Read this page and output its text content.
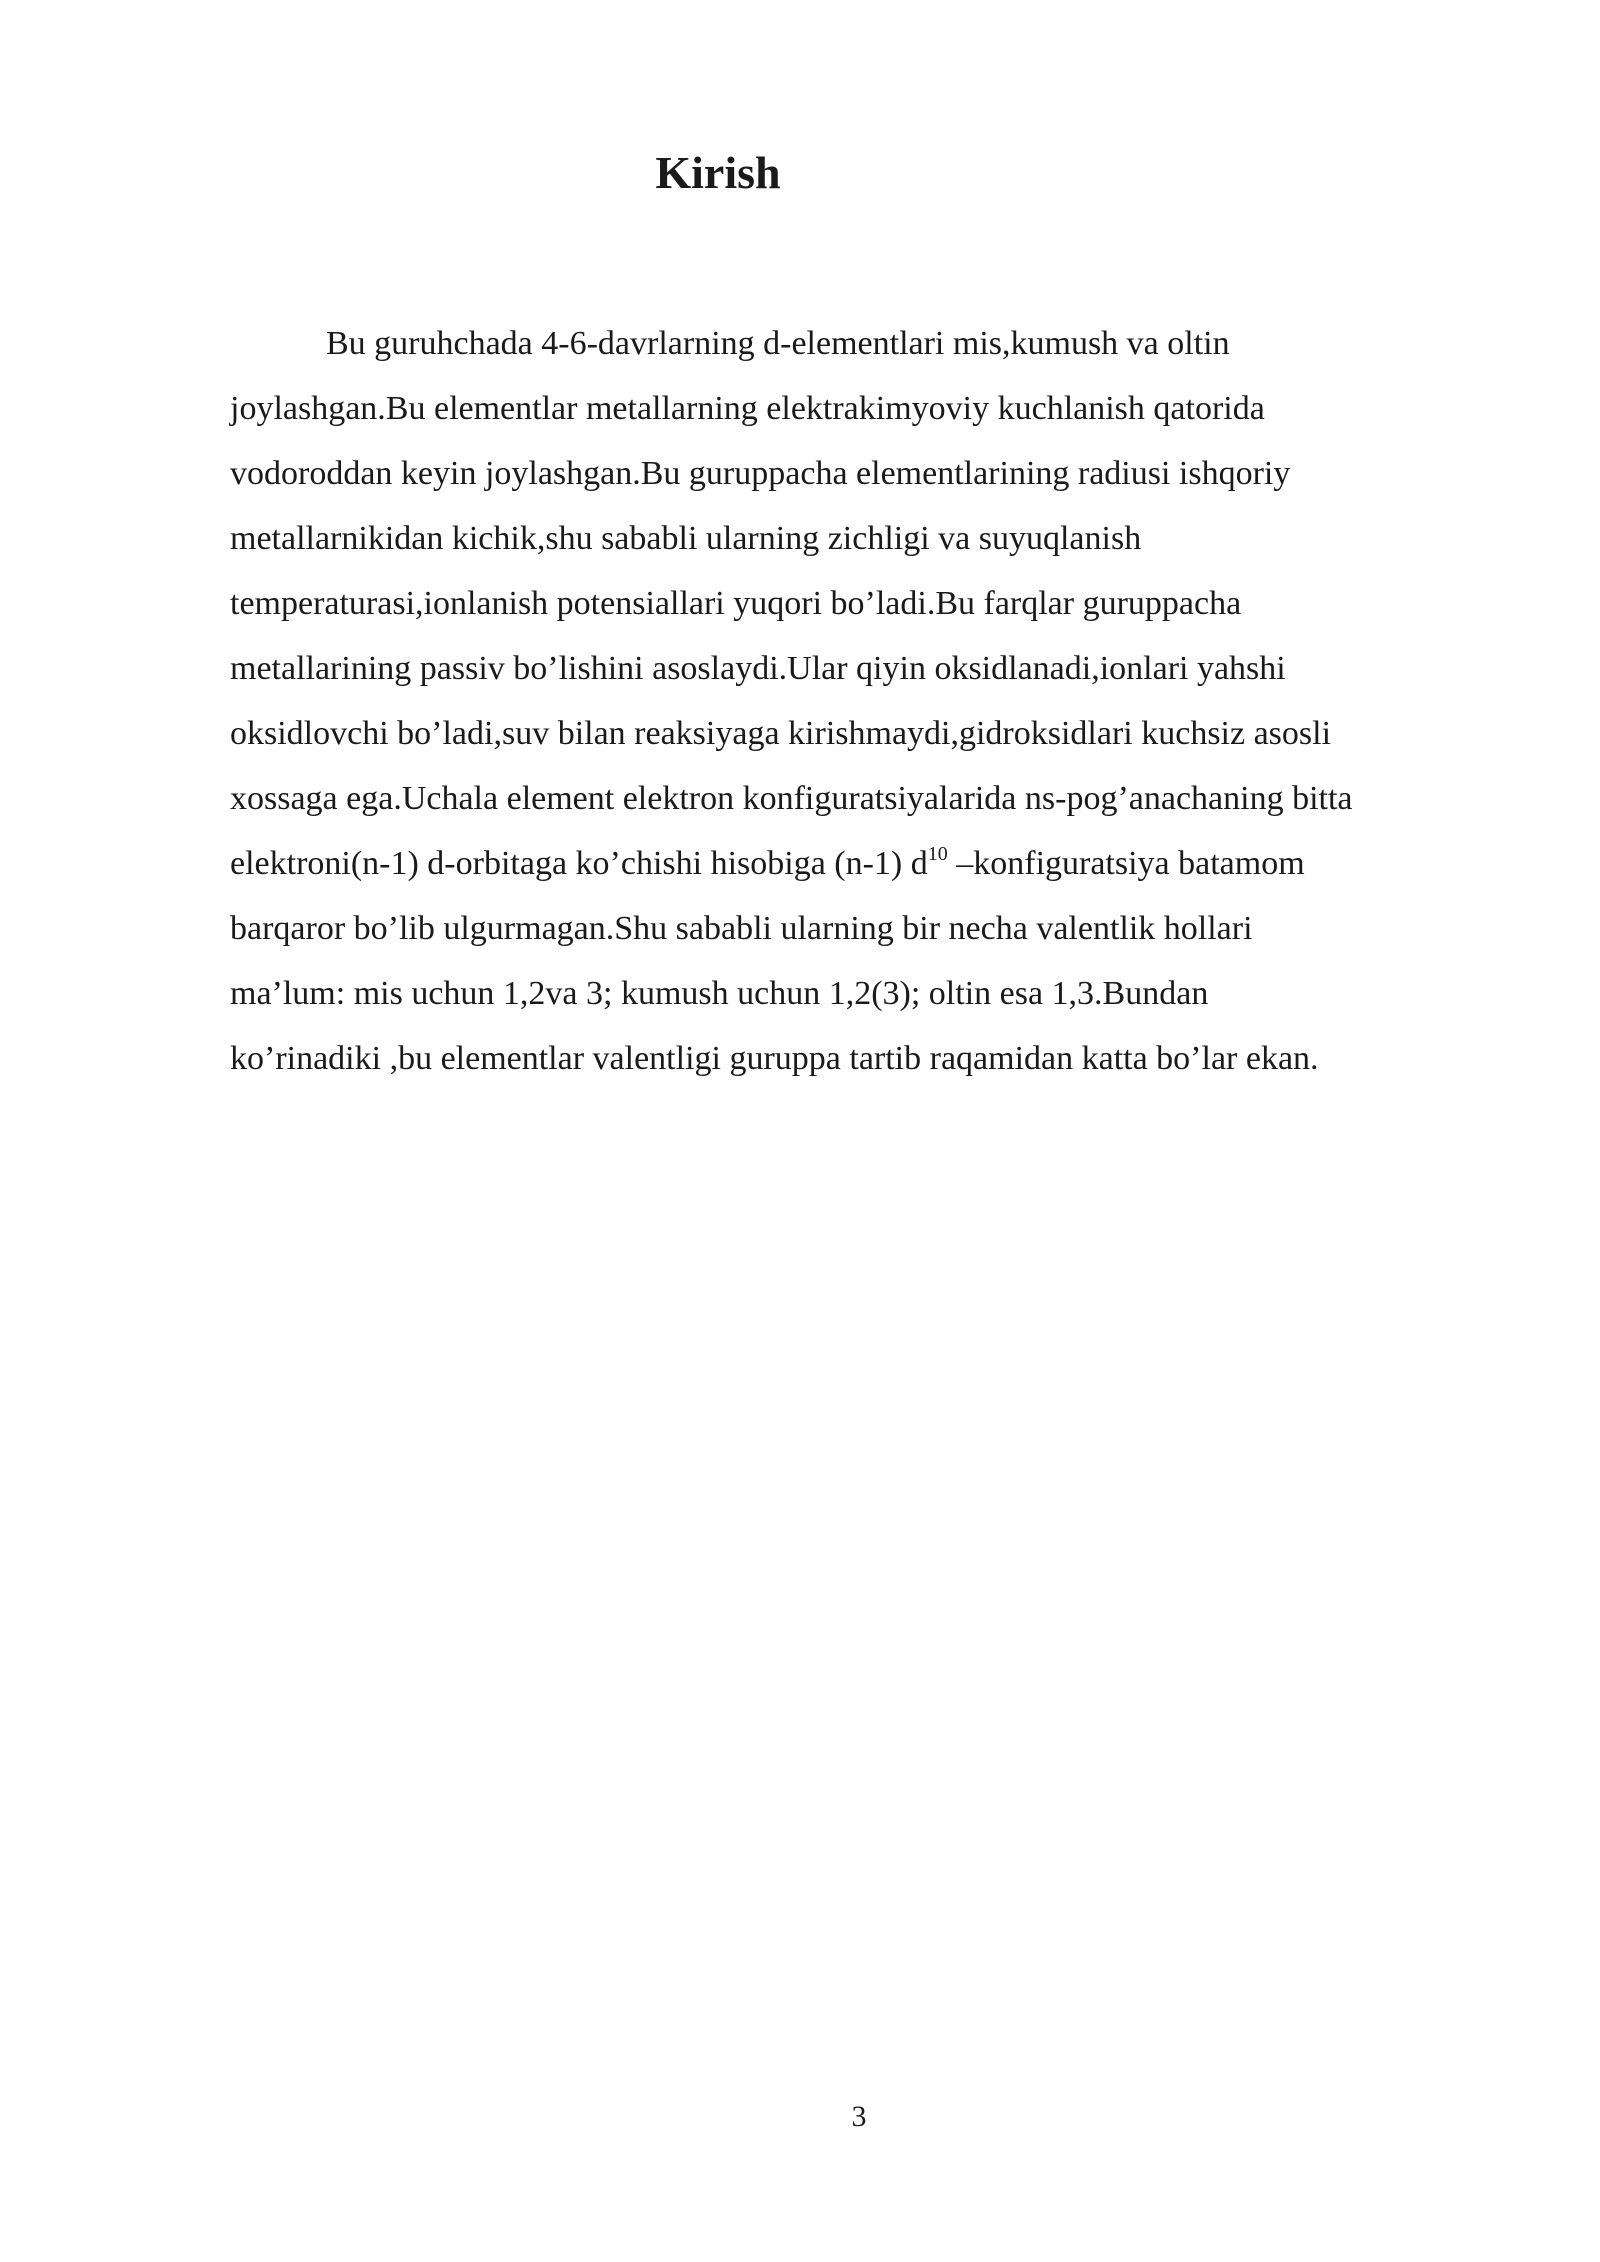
Kirish
Bu guruhchada 4-6-davrlarning d-elementlari mis,kumush va oltin
joylashgan.Bu elementlar metallarning elektrakimyoviy kuchlanish qatorida
vodoroddan keyin joylashgan.Bu guruppacha elementlarining radiusi ishqoriy
metallarnikidan kichik,shu sababli ularning zichligi va suyuqlanish
temperaturasi,ionlanish potensiallari yuqori bo’ladi.Bu farqlar guruppacha
metallarining passiv bo’lishini asoslaydi.Ular qiyin oksidlanadi,ionlari yahshi
oksidlovchi bo’ladi,suv bilan reaksiyaga kirishmaydi,gidroksidlari kuchsiz asosli
xossaga ega.Uchala element elektron konfiguratsiyalarida ns-pog’anachaning bitta
elektroni(n-1) d-orbitaga ko’chishi hisobiga (n-1) $d^{10}$ –konfiguratsiya batamom
barqaror bo’lib ulgurmagan.Shu sababli ularning bir necha valentlik hollari
ma’lum: mis uchun 1,2va 3; kumush uchun 1,2(3); oltin esa 1,3.Bundan
ko’rinadiki ,bu elementlar valentligi guruppa tartib raqamidan katta bo’lar ekan.
3
